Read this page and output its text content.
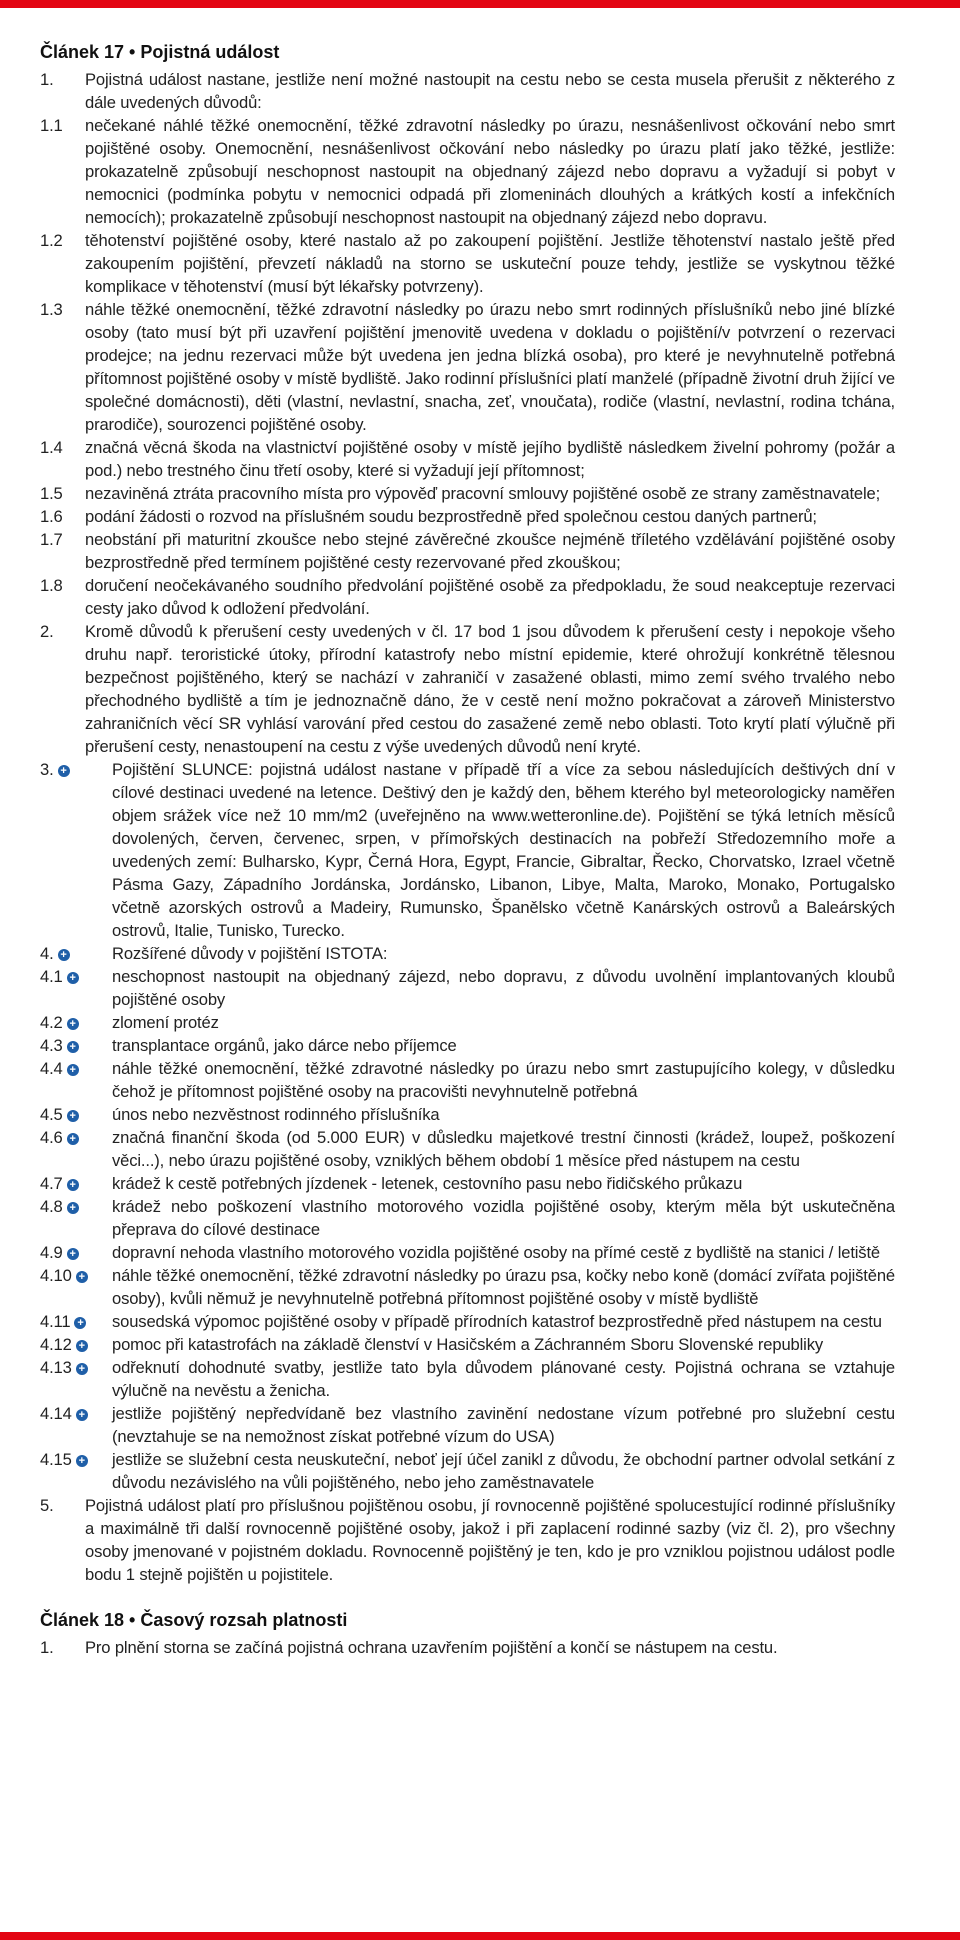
Článek 17 • Pojistná událost
1.	Pojistná událost nastane, jestliže není možné nastoupit na cestu nebo se cesta musela přerušit z některého z dále uvedených důvodů:
1.1	nečekané náhlé těžké onemocnění, těžké zdravotní následky po úrazu, nesnášenlivost očkování nebo smrt pojištěné osoby. Onemocnění, nesnášenlivost očkování nebo následky po úrazu platí jako těžké, jestliže: prokazatelně způsobují neschopnost nastoupit na objednaný zájezd nebo dopravu a vyžadují si pobyt v nemocnici (podmínka pobytu v nemocnici odpadá při zlomeninách dlouhých a krátkých kostí a infekčních nemocích); prokazatelně způsobují neschopnost nastoupit na objednaný zájezd nebo dopravu.
1.2	těhotenství pojištěné osoby, které nastalo až po zakoupení pojištění. Jestliže těhotenství nastalo ještě před zakoupením pojištění, převzetí nákladů na storno se uskuteční pouze tehdy, jestliže se vyskytnou těžké komplikace v těhotenství (musí být lékařsky potvrzeny).
1.3	náhle těžké onemocnění, těžké zdravotní následky po úrazu nebo smrt rodinných příslušníků nebo jiné blízké osoby (tato musí být při uzavření pojištění jmenovitě uvedena v dokladu o pojištění/v potvrzení o rezervaci prodejce; na jednu rezervaci může být uvedena jen jedna blízká osoba), pro které je nevyhnutelně potřebná přítomnost pojištěné osoby v místě bydliště. Jako rodinní příslušníci platí manželé (případně životní druh žijící ve společné domácnosti), děti (vlastní, nevlastní, snacha, zeť, vnoučata), rodiče (vlastní, nevlastní, rodina tchána, prarodiče), sourozenci pojištěné osoby.
1.4	značná věcná škoda na vlastnictví pojištěné osoby v místě jejího bydliště následkem živelní pohromy (požár a pod.) nebo trestného činu třetí osoby, které si vyžadují její přítomnost;
1.5	nezaviněná ztráta pracovního místa pro výpověď pracovní smlouvy pojištěné osobě ze strany zaměstnavatele;
1.6	podání žádosti o rozvod na příslušném soudu bezprostředně před společnou cestou daných partnerů;
1.7	neobstání při maturitní zkoušce nebo stejné závěrečné zkoušce nejméně tříletého vzdělávání pojištěné osoby bezprostředně před termínem pojištěné cesty rezervované před zkouškou;
1.8	doručení neočekávaného soudního předvolání pojištěné osobě za předpokladu, že soud neakceptuje rezervaci cesty jako důvod k odložení předvolání.
2.	Kromě důvodů k přerušení cesty uvedených v čl. 17 bod 1 jsou důvodem k přerušení cesty i nepokoje všeho druhu např. teroristické útoky, přírodní katastrofy nebo místní epidemie, které ohrožují konkrétně tělesnou bezpečnost pojištěného, který se nachází v zahraničí v zasažené oblasti, mimo zemí svého trvalého nebo přechodného bydliště a tím je jednoznačně dáno, že v cestě není možno pokračovat a zároveň Ministerstvo zahraničních věcí SR vyhlásí varování před cestou do zasažené země nebo oblasti. Toto krytí platí výlučně při přerušení cesty, nenastoupení na cestu z výše uvedených důvodů není kryté.
3. +	Pojištění SLUNCE: pojistná událost nastane v případě tří a více za sebou následujících deštivých dní v cílové destinaci uvedené na letence. Deštivý den je každý den, během kterého byl meteorologicky naměřen objem srážek více než 10 mm/m2 (uveřejněno na www.wetteronline.de). Pojištění se týká letních měsíců dovolených, červen, červenec, srpen, v přímořských destinacích na pobřeží Středozemního moře a uvedených zemí: Bulharsko, Kypr, Černá Hora, Egypt, Francie, Gibraltar, Řecko, Chorvatsko, Izrael včetně Pásma Gazy, Západního Jordánska, Jordánsko, Libanon, Libye, Malta, Maroko, Monako, Portugalsko včetně azorských ostrovů a Madeiry, Rumunsko, Španělsko včetně Kanárských ostrovů a Baleárských ostrovů, Italie, Tunisko, Turecko.
4. +	Rozšířené důvody v pojištění ISTOTA:
4.1 +	neschopnost nastoupit na objednaný zájezd, nebo dopravu, z důvodu uvolnění implantovaných kloubů pojištěné osoby
4.2 +	zlomení protéz
4.3 +	transplantace orgánů, jako dárce nebo příjemce
4.4 +	náhle těžké onemocnění, těžké zdravotné následky po úrazu nebo smrt zastupujícího kolegy, v důsledku čehož je přítomnost pojištěné osoby na pracovišti nevyhnutelně potřebná
4.5 +	únos nebo nezvěstnost rodinného příslušníka
4.6 +	značná finanční škoda (od 5.000 EUR) v důsledku majetkové trestní činnosti (krádež, loupež, poškození věci...), nebo úrazu pojištěné osoby, vzniklých během období 1 měsíce před nástupem na cestu
4.7 +	krádež k cestě potřebných jízdenek - letenek, cestovního pasu nebo řidičského průkazu
4.8 +	krádež nebo poškození vlastního motorového vozidla pojištěné osoby, kterým měla být uskutečněna přeprava do cílové destinace
4.9 +	dopravní nehoda vlastního motorového vozidla pojištěné osoby na přímé cestě z bydliště na stanici / letiště
4.10 +	náhle těžké onemocnění, těžké zdravotní následky po úrazu psa, kočky nebo koně (domácí zvířata pojištěné osoby), kvůli němuž je nevyhnutelně potřebná přítomnost pojištěné osoby v místě bydliště
4.11 +	sousedská výpomoc pojištěné osoby v případě přírodních katastrof bezprostředně před nástupem na cestu
4.12 +	pomoc při katastrofách na základě členství v Hasičském a Záchranném Sboru Slovenské republiky
4.13 +	odřeknutí dohodnuté svatby, jestliže tato byla důvodem plánované cesty. Pojistná ochrana se vztahuje výlučně na nevěstu a ženicha.
4.14 +	jestliže pojištěný nepředvídaně bez vlastního zavinění nedostane vízum potřebné pro služební cestu (nevztahuje se na nemožnost získat potřebné vízum do USA)
4.15 +	jestliže se služební cesta neuskuteční, neboť její účel zanikl z důvodu, že obchodní partner odvolal setkání z důvodu nezávislého na vůli pojištěného, nebo jeho zaměstnavatele
5.	Pojistná událost platí pro příslušnou pojištěnou osobu, jí rovnocenně pojištěné spolucestující rodinné příslušníky a maximálně tři další rovnocenně pojištěné osoby, jakož i při zaplacení rodinné sazby (viz čl. 2), pro všechny osoby jmenované v pojistném dokladu. Rovnocenně pojištěný je ten, kdo je pro vzniklou pojistnou událost podle bodu 1 stejně pojištěn u pojistitele.
Článek 18 • Časový rozsah platnosti
1.	Pro plnění storna se začíná pojistná ochrana uzavřením pojištění a končí se nástupem na cestu.
